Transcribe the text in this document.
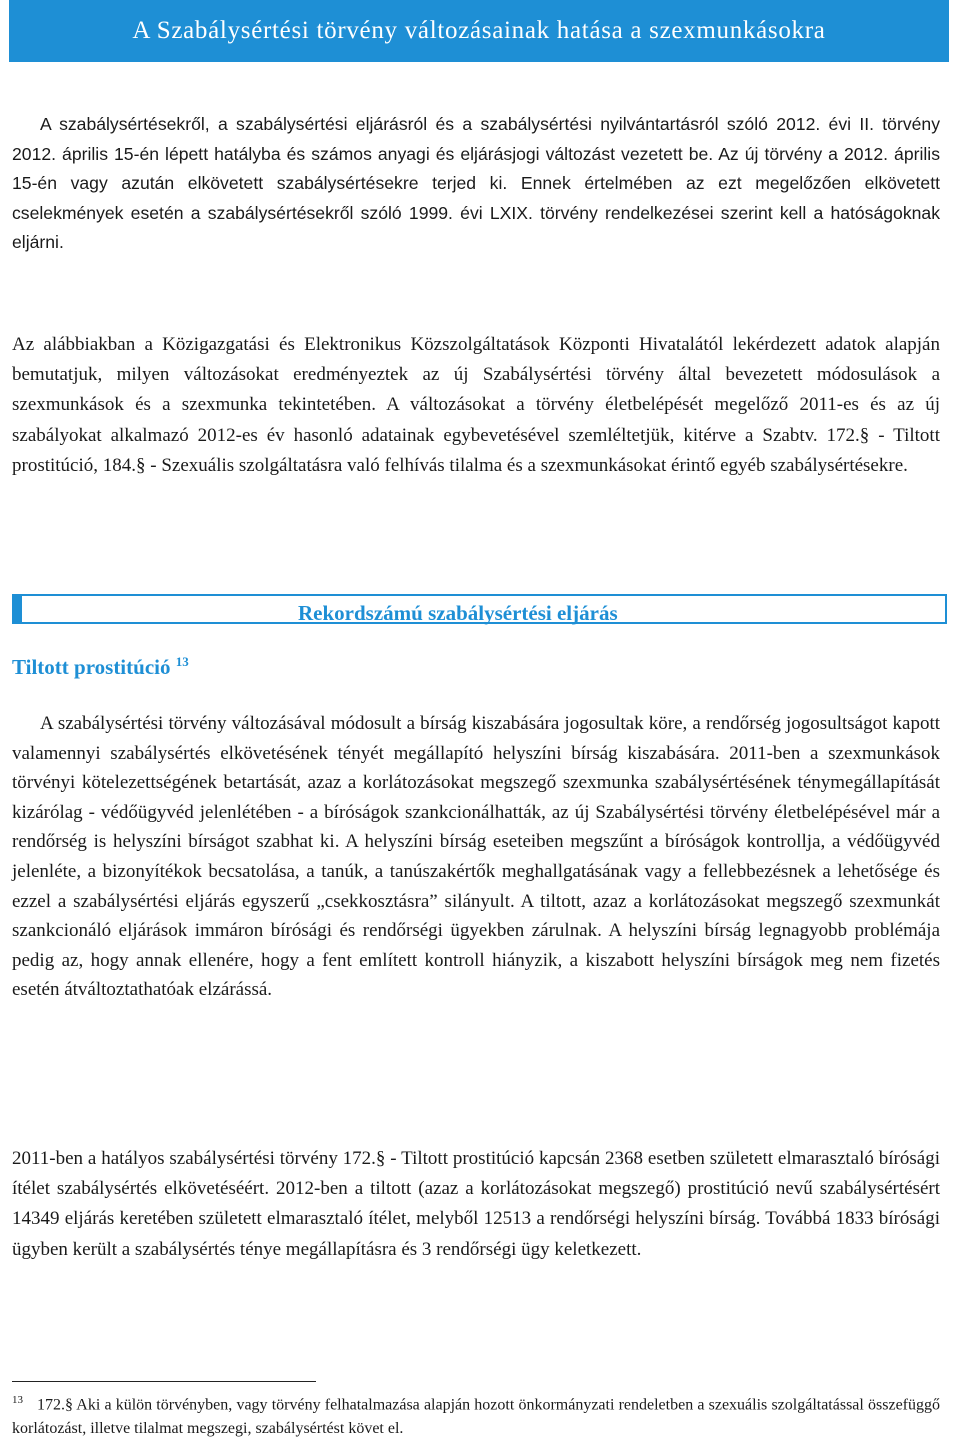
A Szabálysértési törvény változásainak hatása a szexmunkásokra

A szabálysértésekről, a szabálysértési eljárásról és a szabálysértési nyilvántartásról szóló 2012. évi II. törvény 2012. április 15-én lépett hatályba és számos anyagi és eljárásjogi változást vezetett be. Az új törvény a 2012. április 15-én vagy azután elkövetett szabálysértésekre terjed ki. Ennek értelmében az ezt megelőzően elkövetett cselekmények esetén a szabálysértésekről szóló 1999. évi LXIX. törvény rendelkezései szerint kell a hatóságoknak eljárni.

Az alábbiakban a Közigazgatási és Elektronikus Közszolgáltatások Központi Hivatalától lekérdezett adatok alapján bemutatjuk, milyen változásokat eredményeztek az új Szabálysértési törvény által bevezetett módosulások a szexmunkások és a szexmunka tekintetében. A változásokat a törvény életbelépését megelőző 2011-es és az új szabályokat alkalmazó 2012-es év hasonló adatainak egybevetésével szemléltetjük, kitérve a Szabtv. 172.§ - Tiltott prostitúció, 184.§ - Szexuális szolgáltatásra való felhívás tilalma és a szexmunkásokat érintő egyéb szabálysértésekre.

Rekordszámú szabálysértési eljárás
Tiltott prostitúció $^{13}$

A szabálysértési törvény változásával módosult a bírság kiszabására jogosultak köre, a rendőrség jogosultságot kapott valamennyi szabálysértés elkövetésének tényét megállapító helyszíni bírság kiszabására. 2011-ben a szexmunkások törvényi kötelezettségének betartását, azaz a korlátozásokat megszegő szexmunka szabálysértésének ténymegállapítását kizárólag - védőügyvéd jelenlétében - a bíróságok szankcionálhatták, az új Szabálysértési törvény életbelépésével már a rendőrség is helyszíni bírságot szabhat ki. A helyszíni bírság eseteiben megszűnt a bíróságok kontrollja, a védőügyvéd jelenléte, a bizonyítékok becsatolása, a tanúk, a tanúszakértők meghallgatásának vagy a fellebbezésnek a lehetősége és ezzel a szabálysértési eljárás egyszerű „csekkosztásra” silányult. A tiltott, azaz a korlátozásokat megszegő szexmunkát szankcionáló eljárások immáron bírósági és rendőrségi ügyekben zárulnak. A helyszíni bírság legnagyobb problémája pedig az, hogy annak ellenére, hogy a fent említett kontroll hiányzik, a kiszabott helyszíni bírságok meg nem fizetés esetén átváltoztathatóak elzárássá.

2011-ben a hatályos szabálysértési törvény 172.§ - Tiltott prostitúció kapcsán 2368 esetben született elmarasztaló bírósági ítélet szabálysértés elkövetéséért. 2012-ben a tiltott (azaz a korlátozásokat megszegő) prostitúció nevű szabálysértésért 14349 eljárás keretében született elmarasztaló ítélet, melyből 12513 a rendőrségi helyszíni bírság. Továbbá 1833 bírósági ügyben került a szabálysértés ténye megállapításra és 3 rendőrségi ügy keletkezett.

$^{13}$ 172.§ Aki a külön törvényben, vagy törvény felhatalmazása alapján hozott önkormányzati rendeletben a szexuális szolgáltatással összefüggő korlátozást, illetve tilalmat megszegi, szabálysértést követ el.
